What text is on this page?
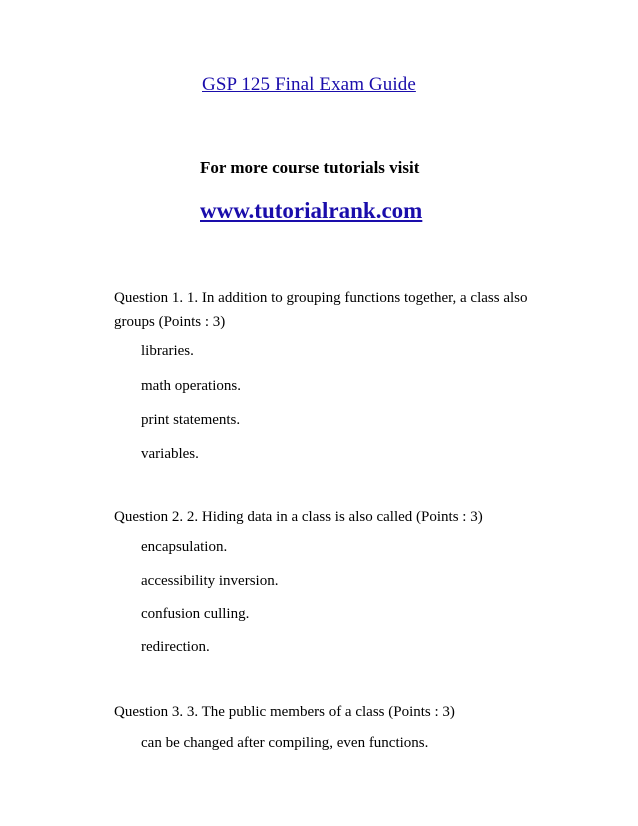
GSP 125 Final Exam Guide
For more course tutorials visit
www.tutorialrank.com
Question 1. 1. In addition to grouping functions together, a class also groups (Points : 3)
libraries.
math operations.
print statements.
variables.
Question 2. 2. Hiding data in a class is also called (Points : 3)
encapsulation.
accessibility inversion.
confusion culling.
redirection.
Question 3. 3. The public members of a class (Points : 3)
can be changed after compiling, even functions.
